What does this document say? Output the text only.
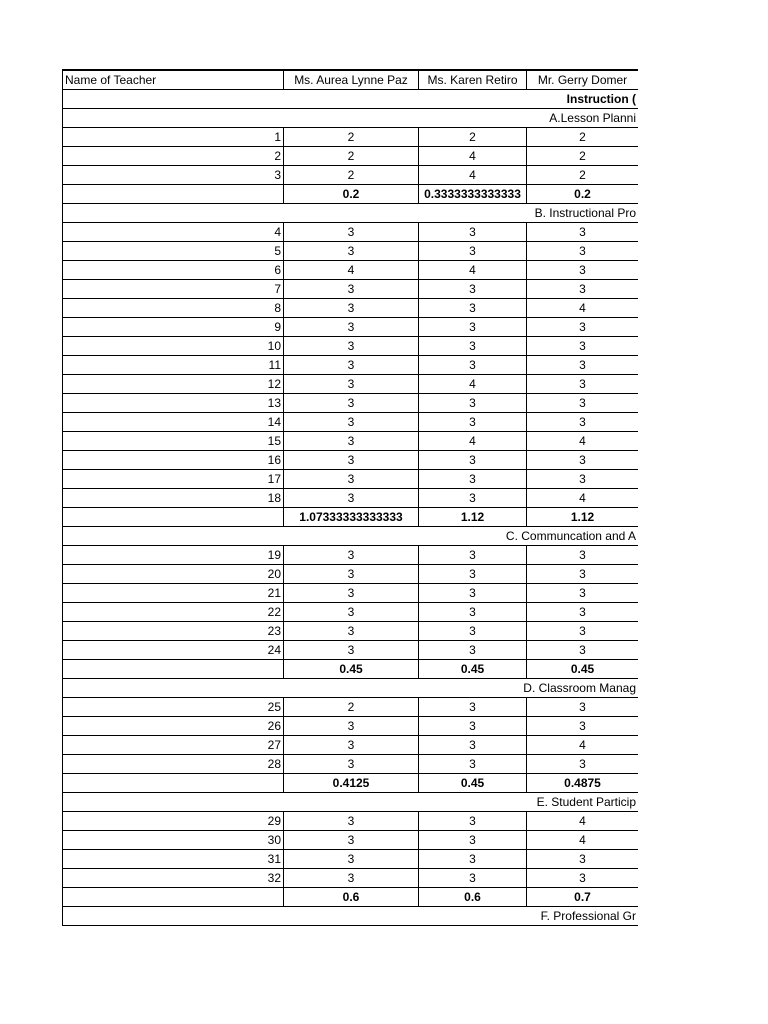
Name of Teacher	Ms. Aurea Lynne Paz	Ms. Karen Retiro	Mr. Gerry Domer
Instruction (			
A.Lesson Planni			
1	2	2	2
2	2	4	2
3	2	4	2
	0.2	0.3333333333333	0.2
B. Instructional Pro			
4	3	3	3
5	3	3	3
6	4	4	3
7	3	3	3
8	3	3	4
9	3	3	3
10	3	3	3
11	3	3	3
12	3	4	3
13	3	3	3
14	3	3	3
15	3	4	4
16	3	3	3
17	3	3	3
18	3	3	4
	1.07333333333333	1.12	1.12
C. Communcation and A			
19	3	3	3
20	3	3	3
21	3	3	3
22	3	3	3
23	3	3	3
24	3	3	3
	0.45	0.45	0.45
D. Classroom Manag			
25	2	3	3
26	3	3	3
27	3	3	4
28	3	3	3
	0.4125	0.45	0.4875
E. Student Particip			
29	3	3	4
30	3	3	4
31	3	3	3
32	3	3	3
	0.6	0.6	0.7
F. Professional Gr			
